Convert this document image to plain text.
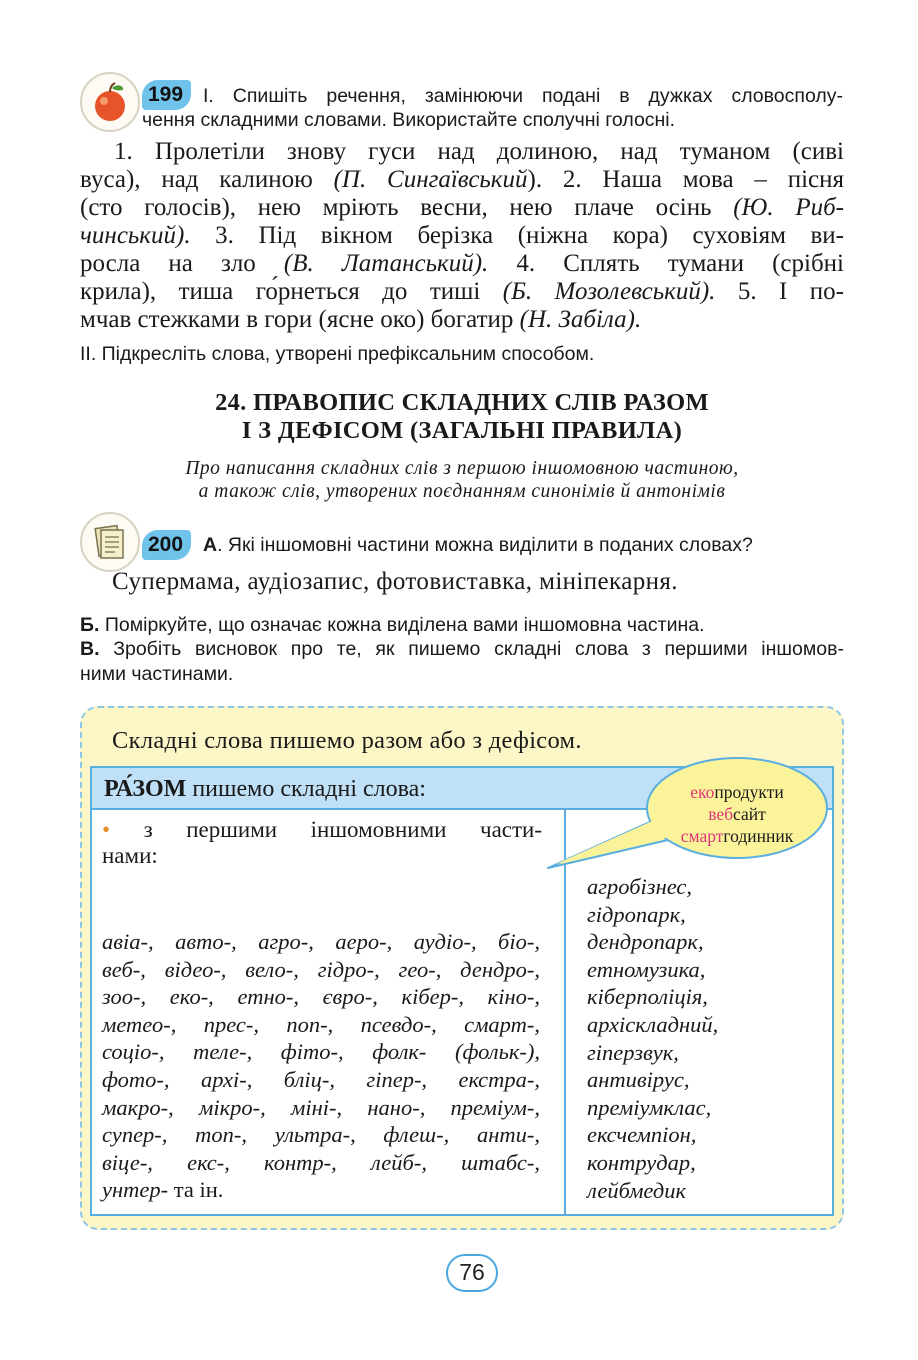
199	I. Спишіть речення, замінюючи подані в дужках словосполу-
чення складними словами. Використайте сполучні голосні.
1. Пролетіли знову гуси над долиною, над туманом (сиві
вуса), над калиною (П. Сингаївський). 2. Наша мова – пісня
(сто голосів), нею мріють весни, нею плаче осінь (Ю. Риб-
чинський). 3. Під вікном берізка (ніжна кора) суховіям ви-
росла на зло (В. Латанський). 4. Сплять тумани (срібні
крила), тиша го́рнеться до тиші (Б. Мозолевський). 5. І по-
мчав стежками в гори (ясне око) богатир (Н. Забіла).
II. Підкресліть слова, утворені префіксальним способом.
24. ПРАВОПИС СКЛАДНИХ СЛІВ РАЗОМ
І З ДЕФІСОМ (ЗАГАЛЬНІ ПРАВИЛА)
Про написання складних слів з першою іншомовною частиною,
а також слів, утворених поєднанням синонімів й антонімів
200	А. Які іншомовні частини можна виділити в поданих словах?
Супермама, аудіозапис, фотовиставка, мініпекарня.
Б. Поміркуйте, що означає кожна виділена вами іншомовна частина.
В. Зробіть висновок про те, як пишемо складні слова з першими іншомов-
ними частинами.
Складні слова пишемо разом або з дефісом.
РА́ЗОМ пишемо складні слова:
• з першими іншомовними части-
нами:
авіа-, авто-, агро-, аеро-, аудіо-, біо-,
веб-, відео-, вело-, гідро-, гео-, дендро-,
зоо-, еко-, етно-, євро-, кібер-, кіно-,
метео-, прес-, поп-, псевдо-, смарт-,
соціо-, теле-, фіто-, фолк- (фольк-),
фото-, архі-, бліц-, гіпер-, екстра-,
макро-, мікро-, міні-, нано-, преміум-,
супер-, топ-, ультра-, флеш-, анти-,
віце-, екс-, контр-, лейб-, штабс-,
унтер- та ін.
агробізнес,
гідропарк,
дендропарк,
етномузика,
кіберполіція,
архіскладний,
гіперзвук,
антивірус,
преміумклас,
ексчемпіон,
контрудар,
лейбмедик
екопродукти
вебсайт
смартгодинник
76
